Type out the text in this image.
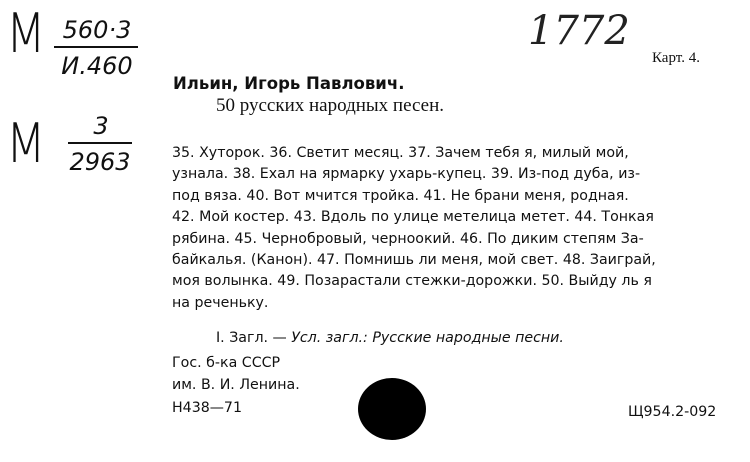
M 560·3
И.460
M	3
2963
1772
Карт. 4.
Ильин, Игорь Павлович.
50 русских народных песен.
35. Хуторок. 36. Светит месяц. 37. Зачем тебя я, милый мой,
узнала. 38. Ехал на ярмарку ухарь-купец. 39. Из-под дуба, из-
под вяза. 40. Вот мчится тройка. 41. Не брани меня, родная.
42. Мой костер. 43. Вдоль по улице метелица метет. 44. Тонкая
рябина. 45. Чернобровый, черноокий. 46. По диким степям За-
байкалья. (Канон). 47. Помнишь ли меня, мой свет. 48. Заиграй,
моя волынка. 49. Позарастали стежки-дорожки. 50. Выйду ль я
на реченьку.
I. Загл. — Усл. загл.: Русские народные песни.
Гос. б-ка СССР
им. В. И. Ленина.
Н438—71	Щ954.2-092
